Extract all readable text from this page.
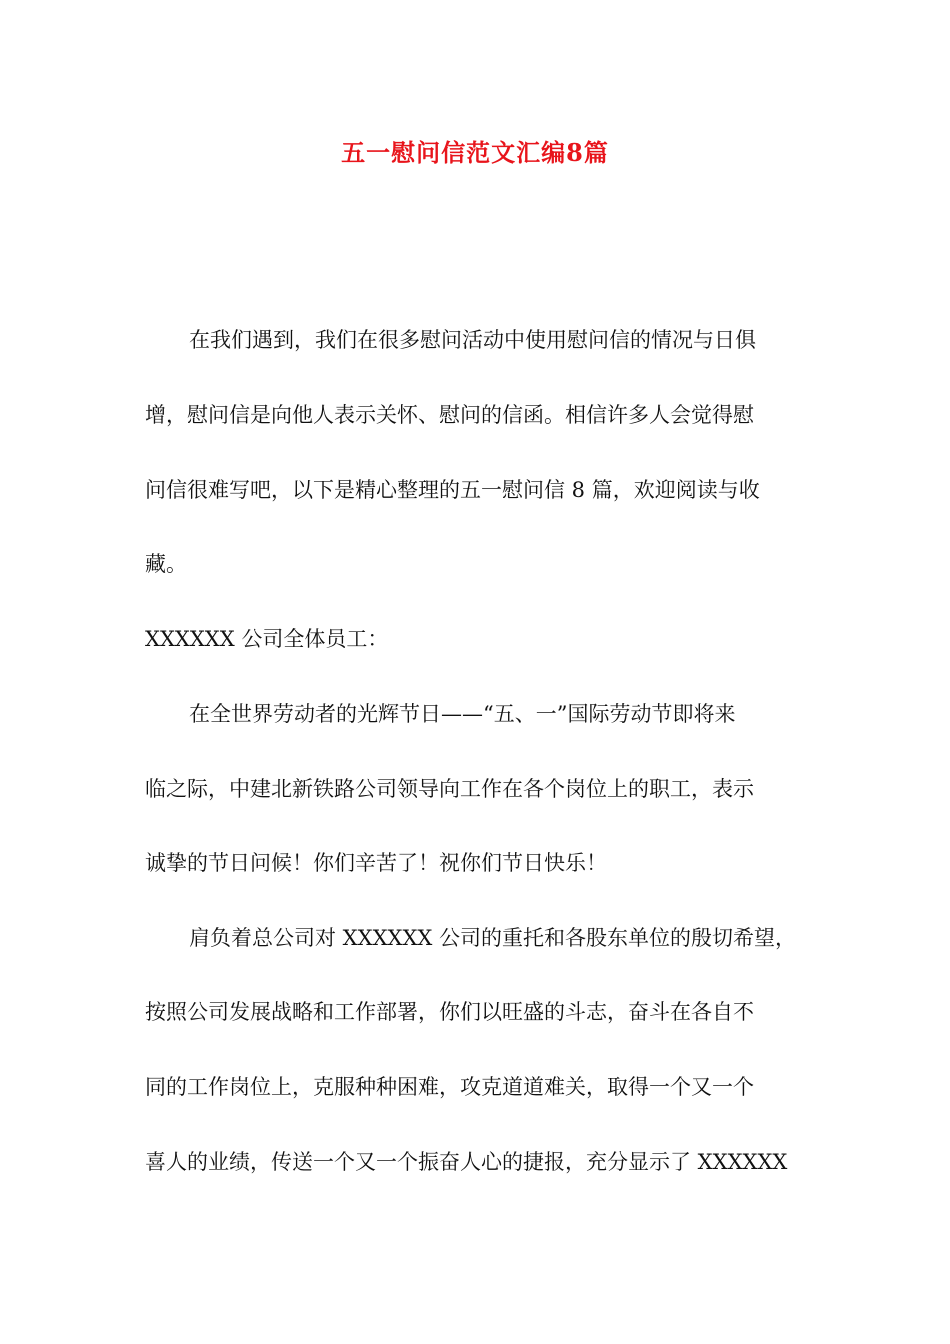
五一慰问信范文汇编8篇
在我们遇到，我们在很多慰问活动中使用慰问信的情况与日俱
增，慰问信是向他人表示关怀、慰问的信函。相信许多人会觉得慰
问信很难写吧，以下是精心整理的五一慰问信 8 篇，欢迎阅读与收
藏。
XXXXXX 公司全体员工：
在全世界劳动者的光辉节日——“五、一”国际劳动节即将来
临之际，中建北新铁路公司领导向工作在各个岗位上的职工，表示
诚挚的节日问候！你们辛苦了！祝你们节日快乐！
肩负着总公司对 XXXXXX 公司的重托和各股东单位的殷切希望，
按照公司发展战略和工作部署，你们以旺盛的斗志，奋斗在各自不
同的工作岗位上，克服种种困难，攻克道道难关，取得一个又一个
喜人的业绩，传送一个又一个振奋人心的捷报，充分显示了 XXXXXX
